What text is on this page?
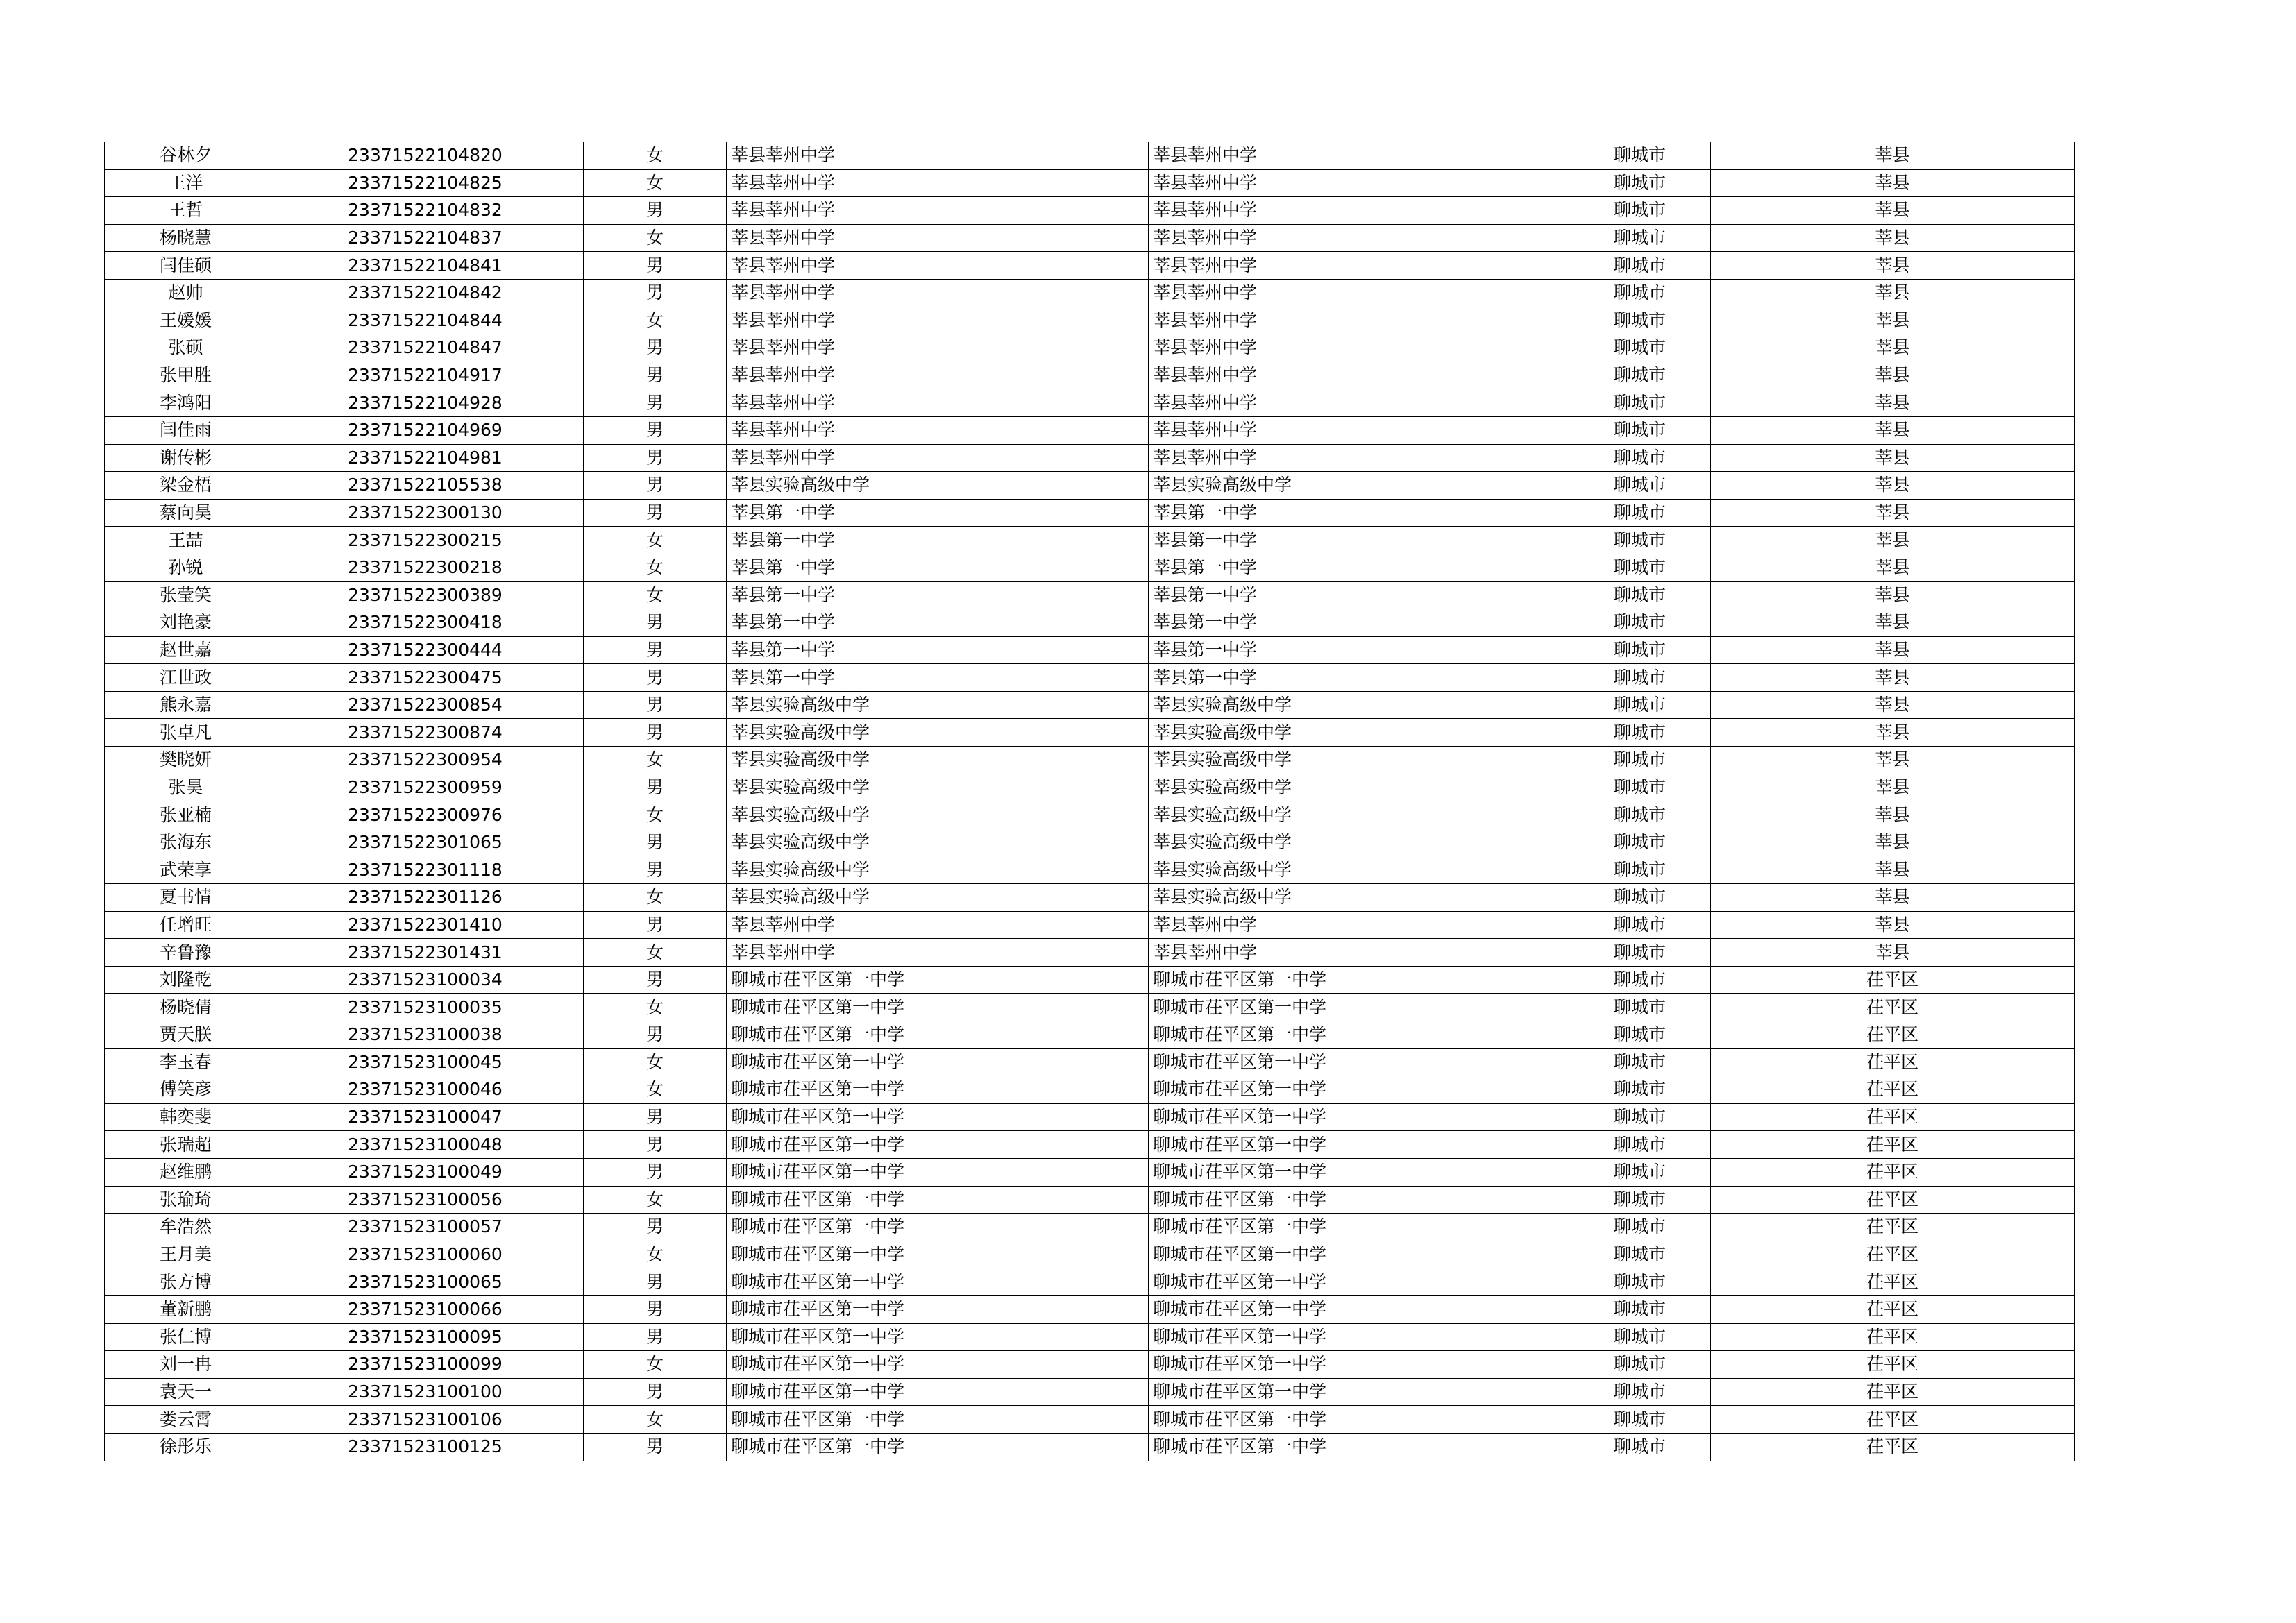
谷林夕	23371522104820	女	莘县莘州中学	莘县莘州中学	聊城市	莘县
王洋	23371522104825	女	莘县莘州中学	莘县莘州中学	聊城市	莘县
王哲	23371522104832	男	莘县莘州中学	莘县莘州中学	聊城市	莘县
杨晓慧	23371522104837	女	莘县莘州中学	莘县莘州中学	聊城市	莘县
闫佳硕	23371522104841	男	莘县莘州中学	莘县莘州中学	聊城市	莘县
赵帅	23371522104842	男	莘县莘州中学	莘县莘州中学	聊城市	莘县
王媛媛	23371522104844	女	莘县莘州中学	莘县莘州中学	聊城市	莘县
张硕	23371522104847	男	莘县莘州中学	莘县莘州中学	聊城市	莘县
张甲胜	23371522104917	男	莘县莘州中学	莘县莘州中学	聊城市	莘县
李鸿阳	23371522104928	男	莘县莘州中学	莘县莘州中学	聊城市	莘县
闫佳雨	23371522104969	男	莘县莘州中学	莘县莘州中学	聊城市	莘县
谢传彬	23371522104981	男	莘县莘州中学	莘县莘州中学	聊城市	莘县
梁金梧	23371522105538	男	莘县实验高级中学	莘县实验高级中学	聊城市	莘县
蔡向昊	23371522300130	男	莘县第一中学	莘县第一中学	聊城市	莘县
王喆	23371522300215	女	莘县第一中学	莘县第一中学	聊城市	莘县
孙锐	23371522300218	女	莘县第一中学	莘县第一中学	聊城市	莘县
张莹笑	23371522300389	女	莘县第一中学	莘县第一中学	聊城市	莘县
刘艳豪	23371522300418	男	莘县第一中学	莘县第一中学	聊城市	莘县
赵世嘉	23371522300444	男	莘县第一中学	莘县第一中学	聊城市	莘县
江世政	23371522300475	男	莘县第一中学	莘县第一中学	聊城市	莘县
熊永嘉	23371522300854	男	莘县实验高级中学	莘县实验高级中学	聊城市	莘县
张卓凡	23371522300874	男	莘县实验高级中学	莘县实验高级中学	聊城市	莘县
樊晓妍	23371522300954	女	莘县实验高级中学	莘县实验高级中学	聊城市	莘县
张昊	23371522300959	男	莘县实验高级中学	莘县实验高级中学	聊城市	莘县
张亚楠	23371522300976	女	莘县实验高级中学	莘县实验高级中学	聊城市	莘县
张海东	23371522301065	男	莘县实验高级中学	莘县实验高级中学	聊城市	莘县
武荣享	23371522301118	男	莘县实验高级中学	莘县实验高级中学	聊城市	莘县
夏书情	23371522301126	女	莘县实验高级中学	莘县实验高级中学	聊城市	莘县
任增旺	23371522301410	男	莘县莘州中学	莘县莘州中学	聊城市	莘县
辛鲁豫	23371522301431	女	莘县莘州中学	莘县莘州中学	聊城市	莘县
刘隆乾	23371523100034	男	聊城市茌平区第一中学	聊城市茌平区第一中学	聊城市	茌平区
杨晓倩	23371523100035	女	聊城市茌平区第一中学	聊城市茌平区第一中学	聊城市	茌平区
贾天朕	23371523100038	男	聊城市茌平区第一中学	聊城市茌平区第一中学	聊城市	茌平区
李玉春	23371523100045	女	聊城市茌平区第一中学	聊城市茌平区第一中学	聊城市	茌平区
傅笑彦	23371523100046	女	聊城市茌平区第一中学	聊城市茌平区第一中学	聊城市	茌平区
韩奕斐	23371523100047	男	聊城市茌平区第一中学	聊城市茌平区第一中学	聊城市	茌平区
张瑞超	23371523100048	男	聊城市茌平区第一中学	聊城市茌平区第一中学	聊城市	茌平区
赵维鹏	23371523100049	男	聊城市茌平区第一中学	聊城市茌平区第一中学	聊城市	茌平区
张瑜琦	23371523100056	女	聊城市茌平区第一中学	聊城市茌平区第一中学	聊城市	茌平区
牟浩然	23371523100057	男	聊城市茌平区第一中学	聊城市茌平区第一中学	聊城市	茌平区
王月美	23371523100060	女	聊城市茌平区第一中学	聊城市茌平区第一中学	聊城市	茌平区
张方博	23371523100065	男	聊城市茌平区第一中学	聊城市茌平区第一中学	聊城市	茌平区
董新鹏	23371523100066	男	聊城市茌平区第一中学	聊城市茌平区第一中学	聊城市	茌平区
张仁博	23371523100095	男	聊城市茌平区第一中学	聊城市茌平区第一中学	聊城市	茌平区
刘一冉	23371523100099	女	聊城市茌平区第一中学	聊城市茌平区第一中学	聊城市	茌平区
袁天一	23371523100100	男	聊城市茌平区第一中学	聊城市茌平区第一中学	聊城市	茌平区
娄云霄	23371523100106	女	聊城市茌平区第一中学	聊城市茌平区第一中学	聊城市	茌平区
徐彤乐	23371523100125	男	聊城市茌平区第一中学	聊城市茌平区第一中学	聊城市	茌平区
